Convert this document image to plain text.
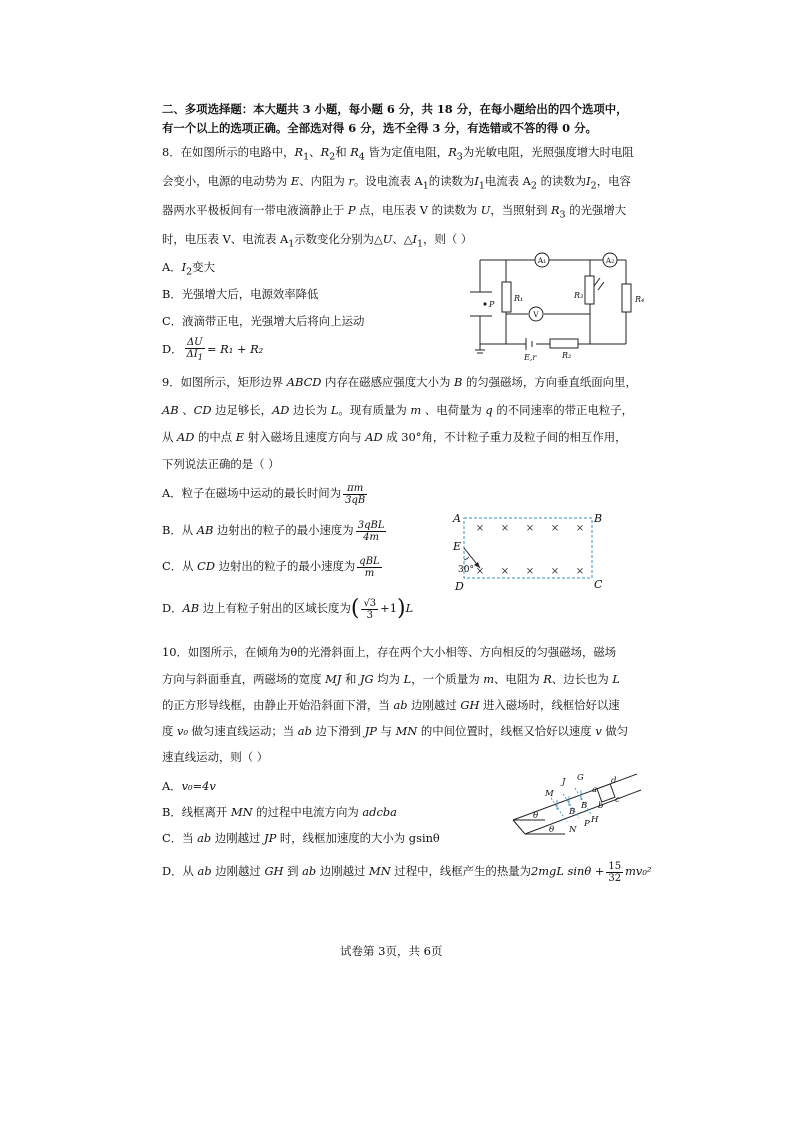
二、多项选择题：本大题共 3 小题，每小题 6 分，共 18 分，在每小题给出的四个选项中，
有一个以上的选项正确。全部选对得 6 分，选不全得 3 分，有选错或不答的得 0 分。
8．在如图所示的电路中，$R_1$、$R_2$和 $R_4$ 皆为定值电阻，$R_3$为光敏电阻，光照强度增大时电阻
会变小，电源的电动势为 E、内阻为 r。设电流表 $A_1$的读数为$I_1$电流表 $A_2$ 的读数为$I_2$，电容
器两水平极板间有一带电液滴静止于 P 点，电压表 V 的读数为 U，当照射到 $R_3$ 的光强增大
时，电压表 V、电流表 $A_1$示数变化分别为△U、$\triangle I_1$，则（ ）
A．$I_2$变大
B．光强增大后，电源效率降低
C．液滴带正电，光强增大后将向上运动
D． $\frac{\Delta U}{\Delta I_1} = R_1 + R_2$
A₁	A₂
V
P
R₁
R₂
R₃	R₄
E,r
9．如图所示，矩形边界 ABCD 内存在磁感应强度大小为 B 的匀强磁场，方向垂直纸面向里，
AB 、CD 边足够长，AD 边长为 L。现有质量为 m 、电荷量为 q 的不同速率的带正电粒子，
从 AD 的中点 E 射入磁场且速度方向与 AD 成 30°角，不计粒子重力及粒子间的相互作用，
下列说法正确的是（ ）
A．粒子在磁场中运动的最长时间为 $\frac{\pi m}{3qB}$
B．从 AB 边射出的粒子的最小速度为 $\frac{\text{3qBL}}{4m}$
C．从 CD 边射出的粒子的最小速度为 $\frac{\text{qBL}}{m}$
D．AB 边上有粒子射出的区域长度为( $\frac{√3}{3} +1)L$
× × × × ×
× × × × ×
A	B
C
D
E
30°
10．如图所示，在倾角为θ的光滑斜面上，存在两个大小相等、方向相反的匀强磁场，磁场
方向与斜面垂直，两磁场的宽度 MJ 和 JG 均为 L，一个质量为 m、电阻为 R、边长也为 L
的正方形导线框，由静止开始沿斜面下滑，当 ab 边刚越过 GH 进入磁场时，线框恰好以速
度 v₀ 做匀速直线运动；当 ab 边下滑到 JP 与 MN 的中间位置时，线框又恰好以速度 v 做匀
速直线运动，则（ ）
A．v₀=4v
B．线框离开 MN 的过程中电流方向为 adcba
C．当 ab 边刚越过 JP 时，线框加速度的大小为 gsinθ
D．从 ab 边刚越过 GH 到 ab 边刚越过 MN 过程中，线框产生的热量为2mgL $\sin\theta + \frac{15}{32} mv_0^2$
M
J G
N
P H
a
b
c
d
B
B
θ
θ
试卷第 3页，共 6页
